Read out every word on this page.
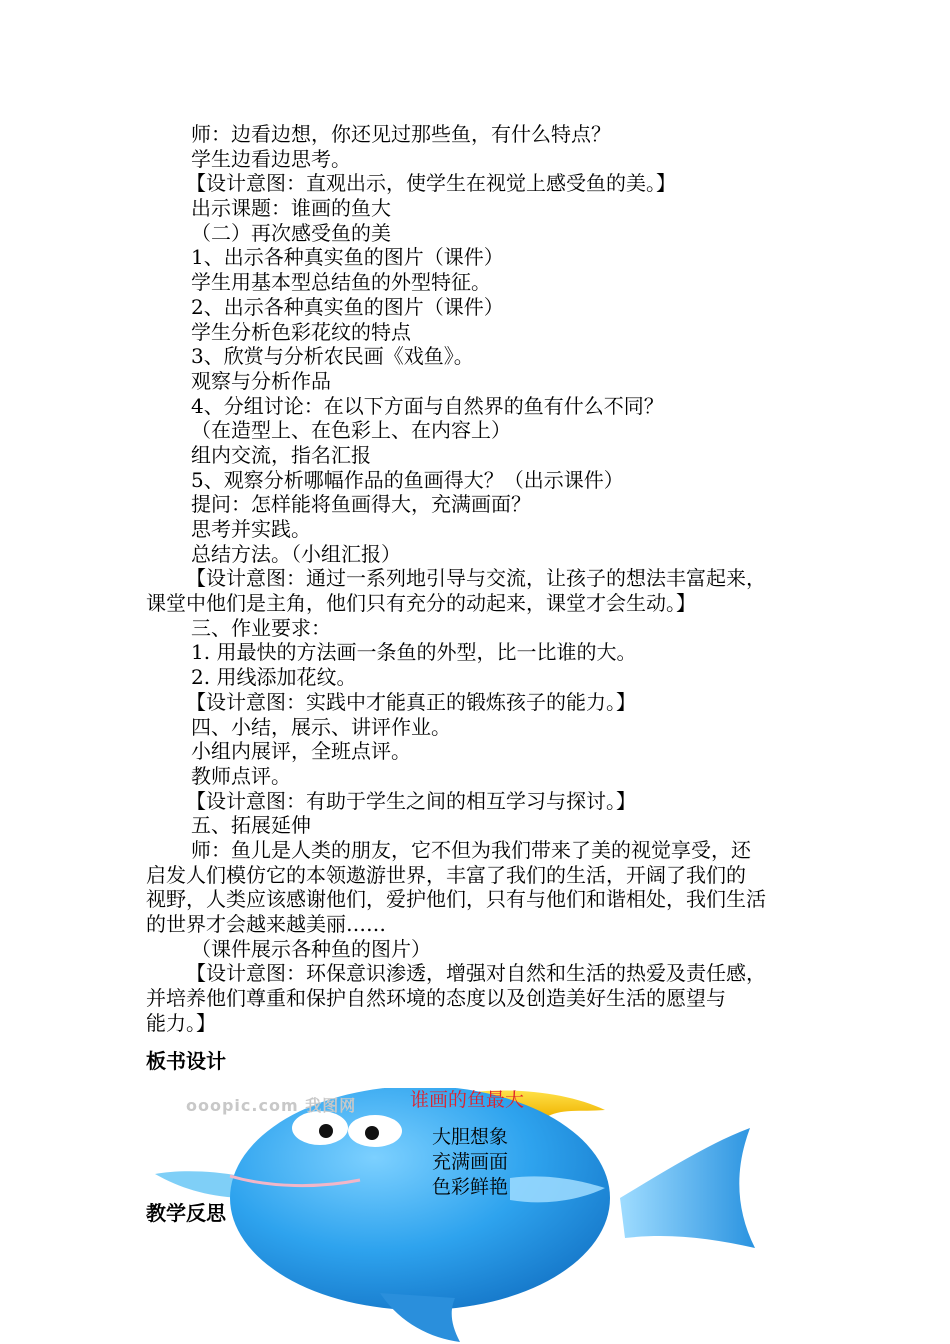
师：边看边想，你还见过那些鱼，有什么特点？
学生边看边思考。
【设计意图：直观出示，使学生在视觉上感受鱼的美。】
出示课题：谁画的鱼大
（二）再次感受鱼的美
1、出示各种真实鱼的图片（课件）
学生用基本型总结鱼的外型特征。
2、出示各种真实鱼的图片（课件）
学生分析色彩花纹的特点
3、欣赏与分析农民画《戏鱼》。
观察与分析作品
4、分组讨论：在以下方面与自然界的鱼有什么不同？
（在造型上、在色彩上、在内容上）
组内交流，指名汇报
5、观察分析哪幅作品的鱼画得大？（出示课件）
提问：怎样能将鱼画得大，充满画面？
思考并实践。
总结方法。（小组汇报）
【设计意图：通过一系列地引导与交流，让孩子的想法丰富起来，
课堂中他们是主角，他们只有充分的动起来，课堂才会生动。】
三、作业要求：
1. 用最快的方法画一条鱼的外型，比一比谁的大。
2. 用线添加花纹。
【设计意图：实践中才能真正的锻炼孩子的能力。】
四、小结，展示、讲评作业。
小组内展评，全班点评。
教师点评。
【设计意图：有助于学生之间的相互学习与探讨。】
五、拓展延伸
师：鱼儿是人类的朋友，它不但为我们带来了美的视觉享受，还
启发人们模仿它的本领遨游世界，丰富了我们的生活，开阔了我们的
视野，人类应该感谢他们，爱护他们，只有与他们和谐相处，我们生活
的世界才会越来越美丽……
（课件展示各种鱼的图片）
【设计意图：环保意识渗透，增强对自然和生活的热爱及责任感，
并培养他们尊重和保护自然环境的态度以及创造美好生活的愿望与
能力。】
板书设计
ooopic.com 我图网	谁画的鱼最大
大胆想象
充满画面
色彩鲜艳
教学反思
